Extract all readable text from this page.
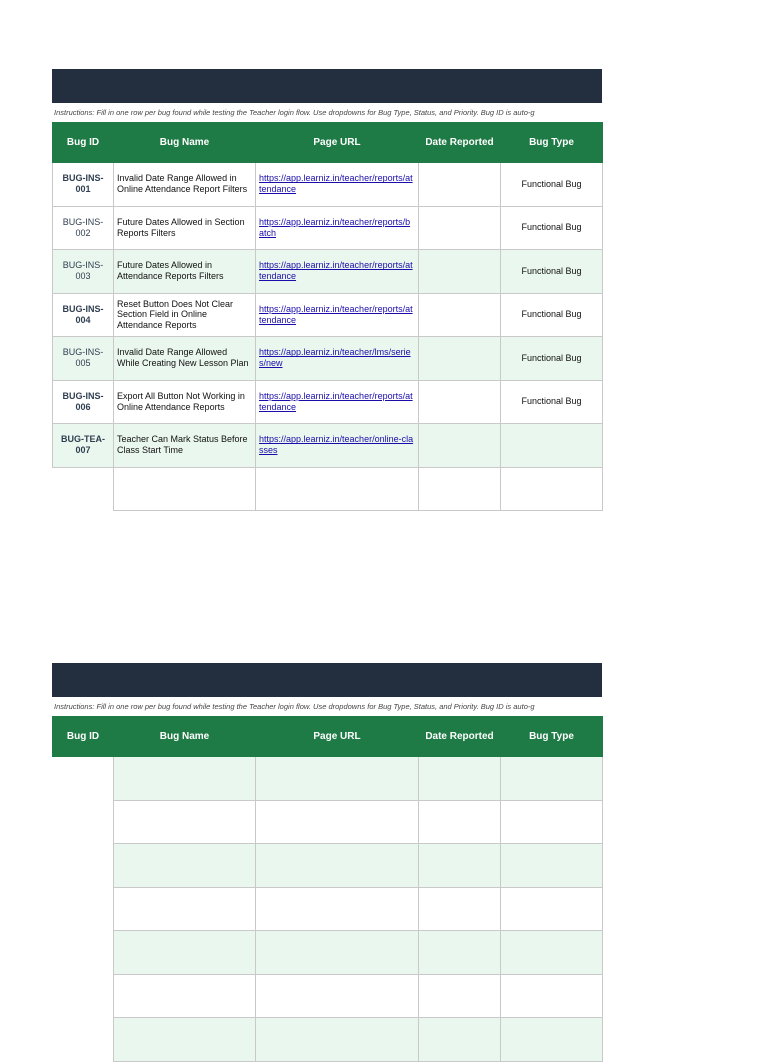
Instructions: Fill in one row per bug found while testing the Teacher login flow. Use dropdowns for Bug Type, Status, and Priority. Bug ID is auto-g
Bug ID	Bug Name	Page URL	Date Reported	Bug Type
BUG-INS-001	Invalid Date Range Allowed in Online Attendance Report Filters	https://app.learniz.in/teacher/reports/attendance		Functional Bug
BUG-INS-002	Future Dates Allowed in Section Reports Filters	https://app.learniz.in/teacher/reports/batch		Functional Bug
BUG-INS-003	Future Dates Allowed in Attendance Reports Filters	https://app.learniz.in/teacher/reports/attendance		Functional Bug
BUG-INS-004	Reset Button Does Not Clear Section Field in Online Attendance Reports	https://app.learniz.in/teacher/reports/attendance		Functional Bug
BUG-INS-005	Invalid Date Range Allowed While Creating New Lesson Plan	https://app.learniz.in/teacher/lms/series/new		Functional Bug
BUG-INS-006	Export All Button Not Working in Online Attendance Reports	https://app.learniz.in/teacher/reports/attendance		Functional Bug
BUG-TEA-007	Teacher Can Mark Status Before Class Start Time	https://app.learniz.in/teacher/online-classes		

Instructions: Fill in one row per bug found while testing the Teacher login flow. Use dropdowns for Bug Type, Status, and Priority. Bug ID is auto-g
Bug ID	Bug Name	Page URL	Date Reported	Bug Type
